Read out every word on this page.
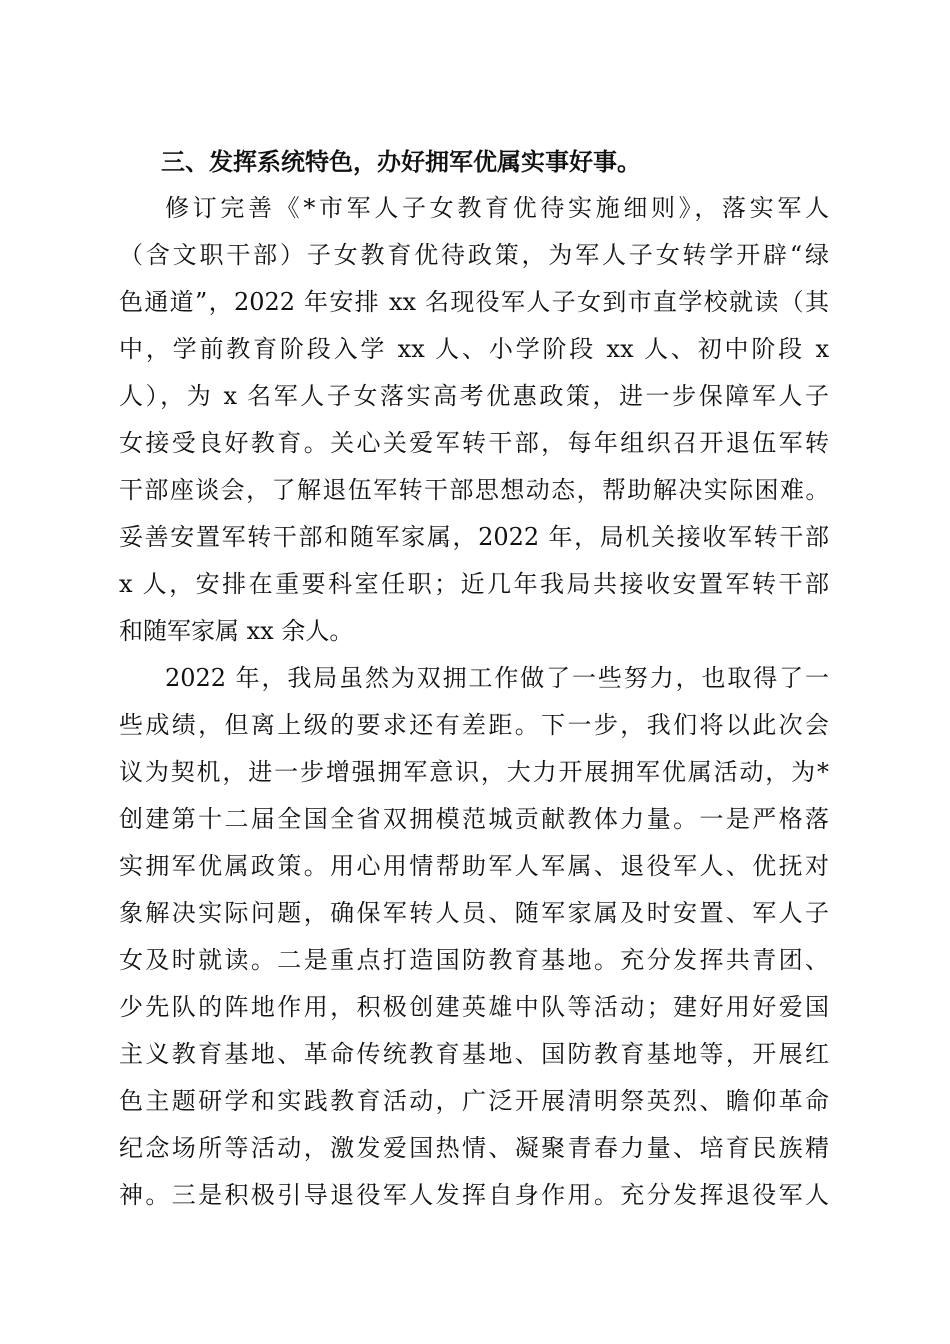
三、发挥系统特色，办好拥军优属实事好事。
修订完善《*市军人子女教育优待实施细则》，落实军人
（含文职干部）子女教育优待政策，为军人子女转学开辟“绿
色通道”，2022 年安排 xx 名现役军人子女到市直学校就读（其
中，学前教育阶段入学 xx 人、小学阶段 xx 人、初中阶段 x
人），为 x 名军人子女落实高考优惠政策，进一步保障军人子
女接受良好教育。关心关爱军转干部，每年组织召开退伍军转
干部座谈会，了解退伍军转干部思想动态，帮助解决实际困难。
妥善安置军转干部和随军家属，2022 年，局机关接收军转干部
x 人，安排在重要科室任职；近几年我局共接收安置军转干部
和随军家属 xx 余人。
2022 年，我局虽然为双拥工作做了一些努力，也取得了一
些成绩，但离上级的要求还有差距。下一步，我们将以此次会
议为契机，进一步增强拥军意识，大力开展拥军优属活动，为*
创建第十二届全国全省双拥模范城贡献教体力量。一是严格落
实拥军优属政策。用心用情帮助军人军属、退役军人、优抚对
象解决实际问题，确保军转人员、随军家属及时安置、军人子
女及时就读。二是重点打造国防教育基地。充分发挥共青团、
少先队的阵地作用，积极创建英雄中队等活动；建好用好爱国
主义教育基地、革命传统教育基地、国防教育基地等，开展红
色主题研学和实践教育活动，广泛开展清明祭英烈、瞻仰革命
纪念场所等活动，激发爱国热情、凝聚青春力量、培育民族精
神。三是积极引导退役军人发挥自身作用。充分发挥退役军人
